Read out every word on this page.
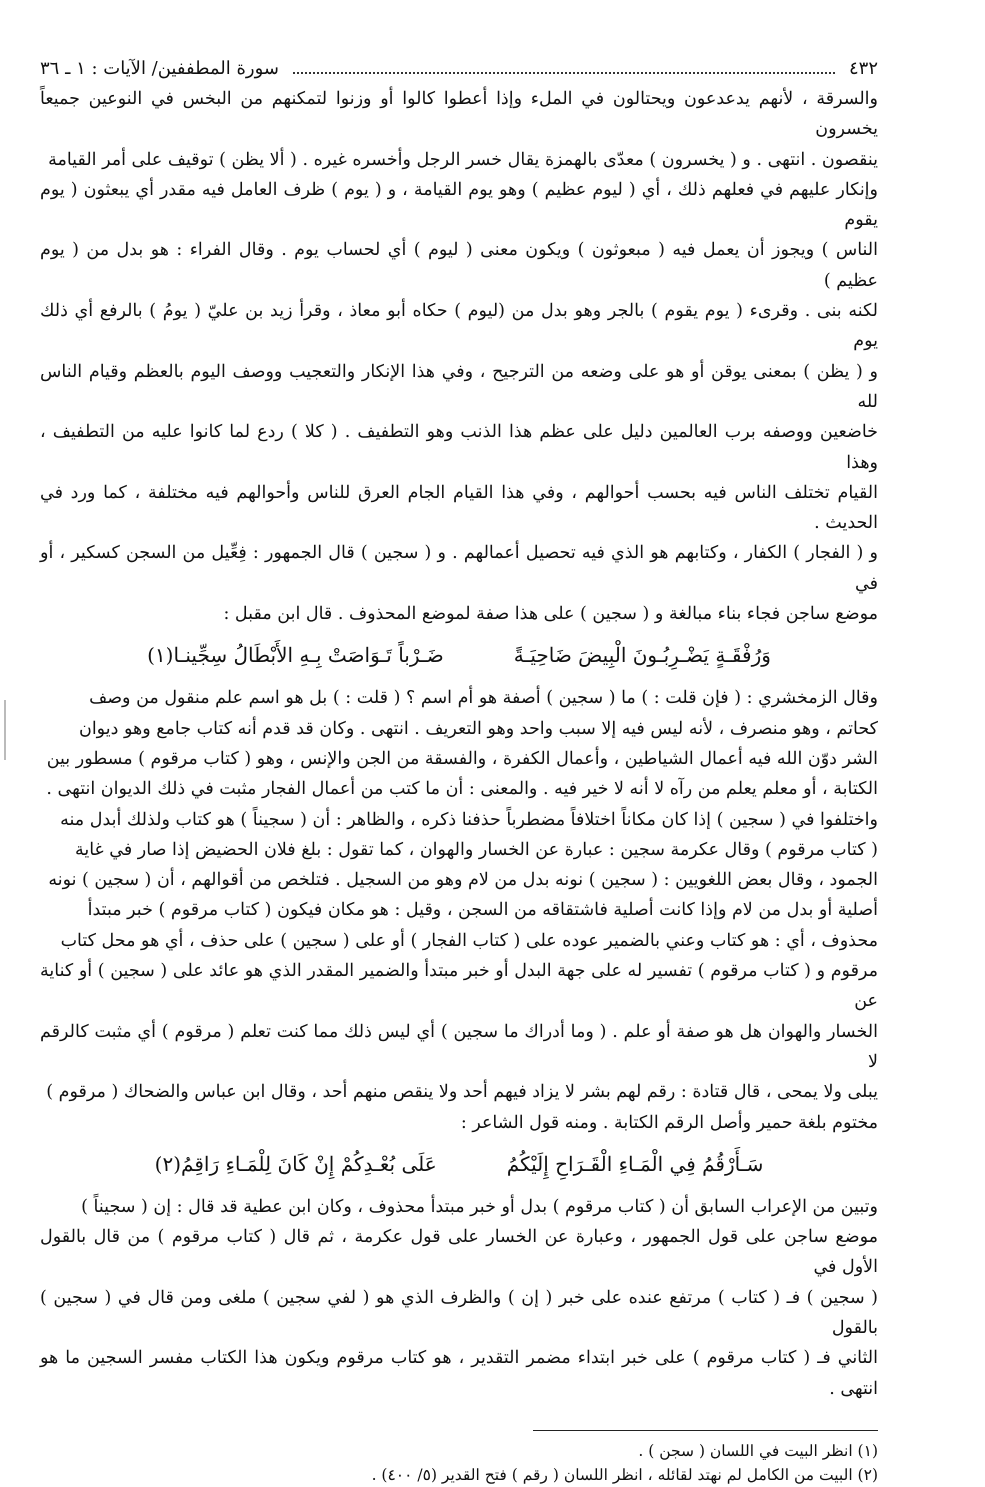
٤٣٢
سورة المطففين/ الآيات : ١ ـ ٣٦

والسرقة ، لأنهم يدعدعون ويحتالون في الملء وإذا أعطوا كالوا أو وزنوا لتمكنهم من البخس في النوعين جميعاً يخسرون

ينقصون . انتهى . و ( يخسرون ) معدّى بالهمزة يقال خسر الرجل وأخسره غيره . ( ألا يظن ) توقيف على أمر القيامة

وإنكار عليهم في فعلهم ذلك ، أي ( ليوم عظيم ) وهو يوم القيامة ، و ( يوم ) ظرف العامل فيه مقدر أي يبعثون ( يوم يقوم

الناس ) ويجوز أن يعمل فيه ( مبعوثون ) ويكون معنى ( ليوم ) أي لحساب يوم . وقال الفراء : هو بدل من ( يوم عظيم )

لكنه بنى . وقرىء ( يوم يقوم ) بالجر وهو بدل من (ليوم ) حكاه أبو معاذ ، وقرأ زيد بن عليّ ( يومُ ) بالرفع أي ذلك يوم

و ( يظن ) بمعنى يوقن أو هو على وضعه من الترجيح ، وفي هذا الإنكار والتعجيب ووصف اليوم بالعظم وقيام الناس لله

خاضعين ووصفه برب العالمين دليل على عظم هذا الذنب وهو التطفيف . ( كلا ) ردع لما كانوا عليه من التطفيف ، وهذا

القيام تختلف الناس فيه بحسب أحوالهم ، وفي هذا القيام الجام العرق للناس وأحوالهم فيه مختلفة ، كما ورد في الحديث .

و ( الفجار ) الكفار ، وكتابهم هو الذي فيه تحصيل أعمالهم . و ( سجين ) قال الجمهور : فِعِّيل من السجن كسكير ، أو في

موضع ساجن فجاء بناء مبالغة و ( سجين ) على هذا صفة لموضع المحذوف . قال ابن مقبل :

وَرُفْقَـةٍ يَضْـرِبُـونَ الْبِيضَ ضَاحِيَـةً
ضَـرْباً تَـوَاصَتْ بِـهِ الأَبْطَالُ سِجِّينـا(١)

وقال الزمخشري : ( فإن قلت : ) ما ( سجين ) أصفة هو أم اسم ؟ ( قلت : ) بل هو اسم علم منقول من وصف

كحاتم ، وهو منصرف ، لأنه ليس فيه إلا سبب واحد وهو التعريف . انتهى . وكان قد قدم أنه كتاب جامع وهو ديوان

الشر دوّن الله فيه أعمال الشياطين ، وأعمال الكفرة ، والفسقة من الجن والإنس ، وهو ( كتاب مرقوم ) مسطور بين

الكتابة ، أو معلم يعلم من رآه لا أنه لا خير فيه . والمعنى : أن ما كتب من أعمال الفجار مثبت في ذلك الديوان انتهى .

واختلفوا في ( سجين ) إذا كان مكاناً اختلافاً مضطرباً حذفنا ذكره ، والظاهر : أن ( سجيناً ) هو كتاب ولذلك أبدل منه

( كتاب مرقوم ) وقال عكرمة سجين : عبارة عن الخسار والهوان ، كما تقول : بلغ فلان الحضيض إذا صار في غاية

الجمود ، وقال بعض اللغويين : ( سجين ) نونه بدل من لام وهو من السجيل . فتلخص من أقوالهم ، أن ( سجين ) نونه

أصلية أو بدل من لام وإذا كانت أصلية فاشتقاقه من السجن ، وقيل : هو مكان فيكون ( كتاب مرقوم ) خبر مبتدأ

محذوف ، أي : هو كتاب وعني بالضمير عوده على ( كتاب الفجار ) أو على ( سجين ) على حذف ، أي هو محل كتاب

مرقوم و ( كتاب مرقوم ) تفسير له على جهة البدل أو خبر مبتدأ والضمير المقدر الذي هو عائد على ( سجين ) أو كناية عن

الخسار والهوان هل هو صفة أو علم . ( وما أدراك ما سجين ) أي ليس ذلك مما كنت تعلم ( مرقوم ) أي مثبت كالرقم لا

يبلى ولا يمحى ، قال قتادة : رقم لهم بشر لا يزاد فيهم أحد ولا ينقص منهم أحد ، وقال ابن عباس والضحاك ( مرقوم )

مختوم بلغة حمير وأصل الرقم الكتابة . ومنه قول الشاعر :

سَـأَرْقُمُ فِي الْمَـاءِ الْقَـرَاحِ إِلَيْكُمُ
عَلَى بُعْـدِكُمْ إِنْ كَانَ لِلْمَـاءِ رَاقِمُ(٢)

وتبين من الإعراب السابق أن ( كتاب مرقوم ) بدل أو خبر مبتدأ محذوف ، وكان ابن عطية قد قال : إن ( سجيناً )

موضع ساجن على قول الجمهور ، وعبارة عن الخسار على قول عكرمة ، ثم قال ( كتاب مرقوم ) من قال بالقول الأول في

( سجين ) فـ ( كتاب ) مرتفع عنده على خبر ( إن ) والظرف الذي هو ( لفي سجين ) ملغى ومن قال في ( سجين ) بالقول

الثاني فـ ( كتاب مرقوم ) على خبر ابتداء مضمر التقدير ، هو كتاب مرقوم ويكون هذا الكتاب مفسر السجين ما هو انتهى .

(١) انظر البيت في اللسان ( سجن ) .

(٢) البيت من الكامل لم نهتد لقائله ، انظر اللسان ( رقم ) فتح القدير (٥/ ٤٠٠) .
